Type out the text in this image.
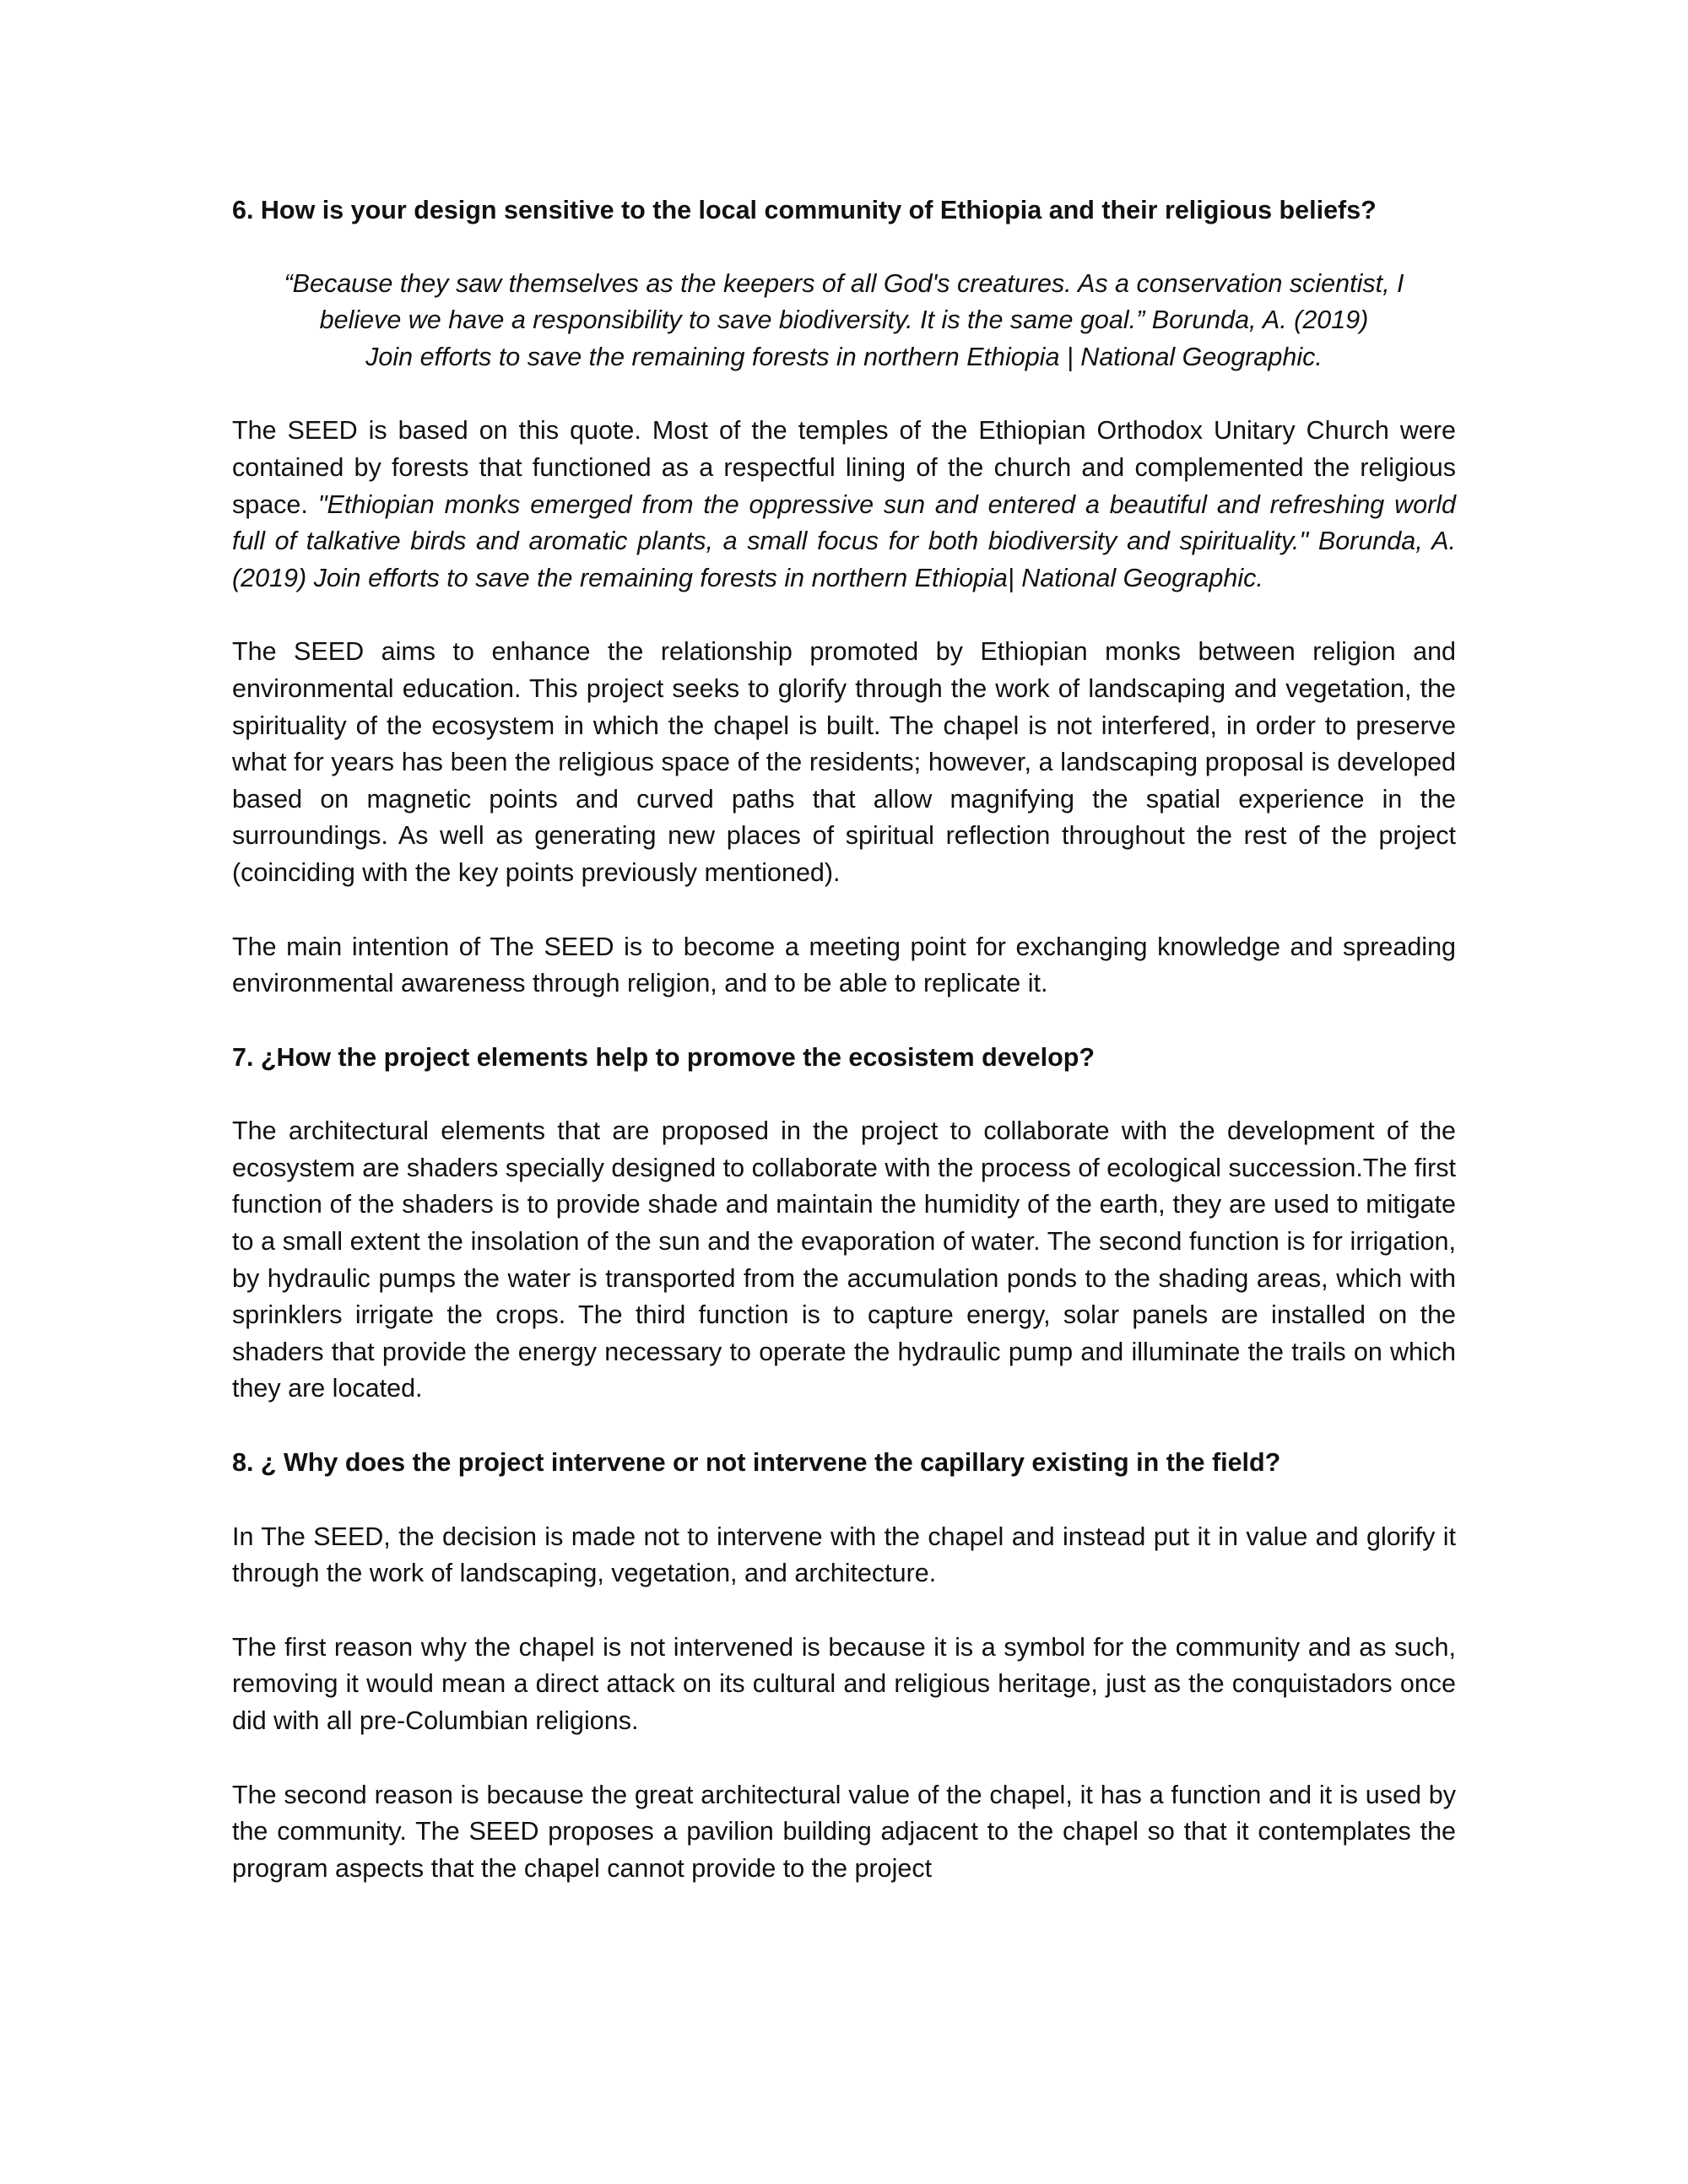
6. How is your design sensitive to the local community of Ethiopia and their religious beliefs?

“Because they saw themselves as the keepers of all God's creatures. As a conservation scientist, I
believe we have a responsibility to save biodiversity. It is the same goal.” Borunda, A. (2019)
Join efforts to save the remaining forests in northern Ethiopia | National Geographic.

The SEED is based on this quote. Most of the temples of the Ethiopian Orthodox Unitary Church were contained by forests that functioned as a respectful lining of the church and complemented the religious space. "Ethiopian monks emerged from the oppressive sun and entered a beautiful and refreshing world full of talkative birds and aromatic plants, a small focus for both biodiversity and spirituality." Borunda, A. (2019) Join efforts to save the remaining forests in northern Ethiopia| National Geographic.

The SEED aims to enhance the relationship promoted by Ethiopian monks between religion and environmental education. This project seeks to glorify through the work of landscaping and vegetation, the spirituality of the ecosystem in which the chapel is built. The chapel is not interfered, in order to preserve what for years has been the religious space of the residents; however, a landscaping proposal is developed based on magnetic points and curved paths that allow magnifying the spatial experience in the surroundings. As well as generating new places of spiritual reflection throughout the rest of the project (coinciding with the key points previously mentioned).

The main intention of The SEED is to become a meeting point for exchanging knowledge and spreading environmental awareness through religion, and to be able to replicate it.

7. ¿How the project elements help to promove the ecosistem develop?

The architectural elements that are proposed in the project to collaborate with the development of the ecosystem are shaders specially designed to collaborate with the process of ecological succession.The first function of the shaders is to provide shade and maintain the humidity of the earth, they are used to mitigate to a small extent the insolation of the sun and the evaporation of water. The second function is for irrigation, by hydraulic pumps the water is transported from the accumulation ponds to the shading areas, which with sprinklers irrigate the crops. The third function is to capture energy, solar panels are installed on the shaders that provide the energy necessary to operate the hydraulic pump and illuminate the trails on which they are located.

8. ¿ Why does the project intervene or not intervene the capillary existing in the field?

In The SEED, the decision is made not to intervene with the chapel and instead put it in value and glorify it through the work of landscaping, vegetation, and architecture.

The first reason why the chapel is not intervened is because it is a symbol for the community and as such, removing it would mean a direct attack on its cultural and religious heritage, just as the conquistadors once did with all pre-Columbian religions.

The second reason is because the great architectural value of the chapel, it has a function and it is used by the community. The SEED proposes a pavilion building adjacent to the chapel so that it contemplates the program aspects that the chapel cannot provide to the project
